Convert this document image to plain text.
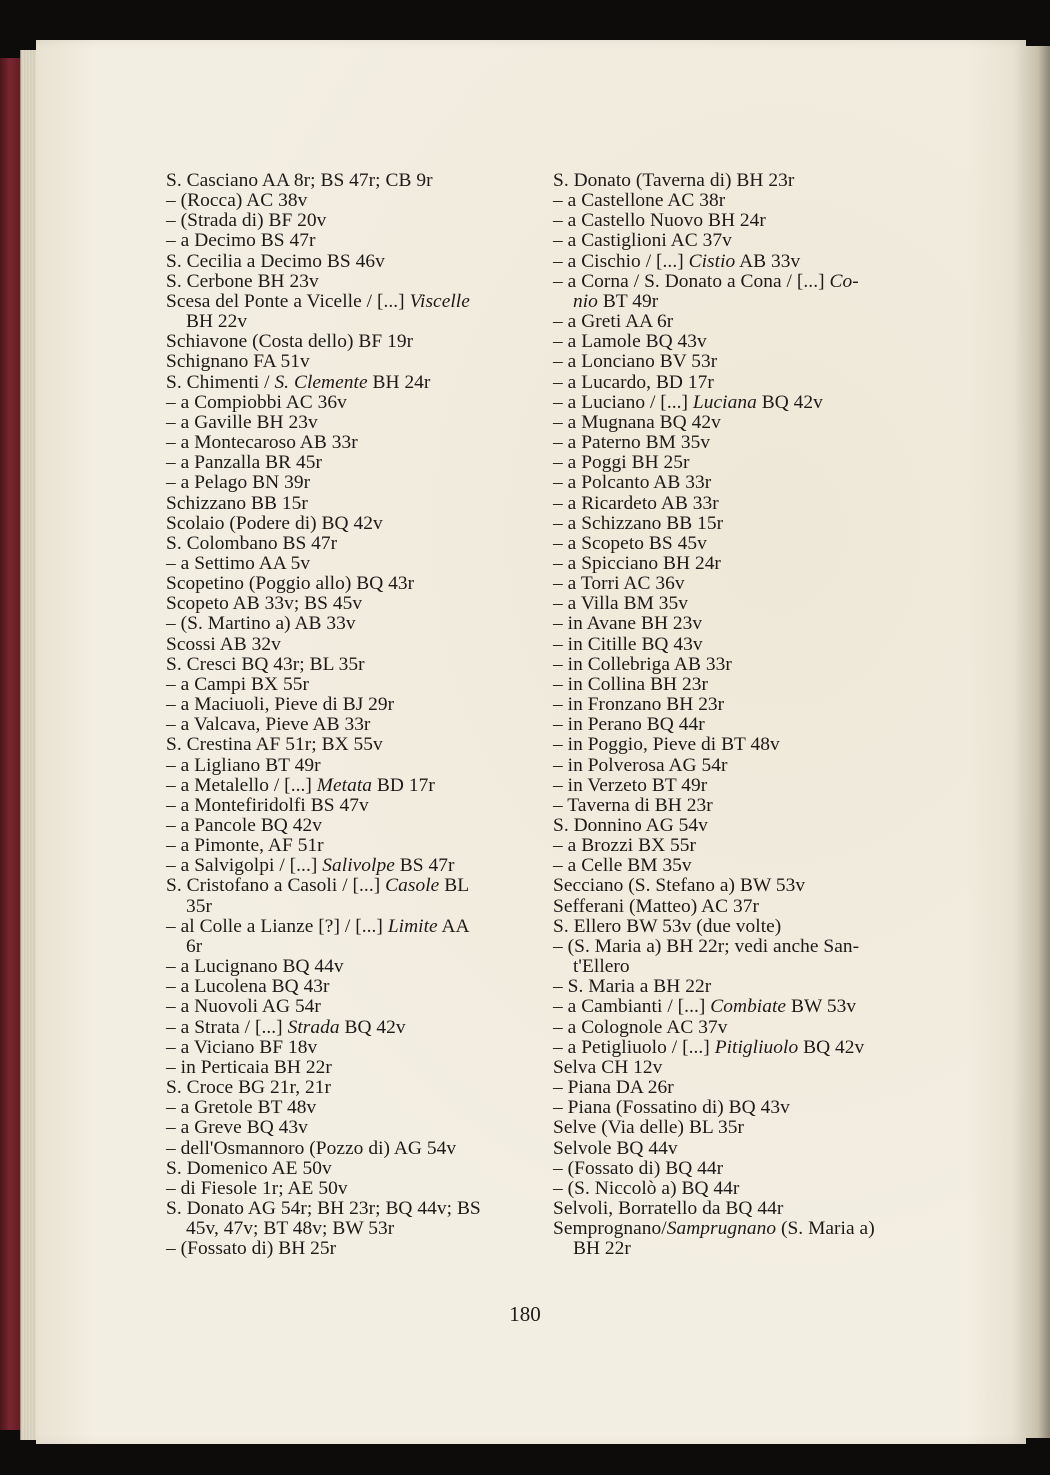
S. Casciano AA 8r; BS 47r; CB 9r
– (Rocca) AC 38v
– (Strada di) BF 20v
– a Decimo BS 47r
S. Cecilia a Decimo BS 46v
S. Cerbone BH 23v
Scesa del Ponte a Vicelle / [...] Viscelle
BH 22v
Schiavone (Costa dello) BF 19r
Schignano FA 51v
S. Chimenti / S. Clemente BH 24r
– a Compiobbi AC 36v
– a Gaville BH 23v
– a Montecaroso AB 33r
– a Panzalla BR 45r
– a Pelago BN 39r
Schizzano BB 15r
Scolaio (Podere di) BQ 42v
S. Colombano BS 47r
– a Settimo AA 5v
Scopetino (Poggio allo) BQ 43r
Scopeto AB 33v; BS 45v
– (S. Martino a) AB 33v
Scossi AB 32v
S. Cresci BQ 43r; BL 35r
– a Campi BX 55r
– a Maciuoli, Pieve di BJ 29r
– a Valcava, Pieve AB 33r
S. Crestina AF 51r; BX 55v
– a Ligliano BT 49r
– a Metalello / [...] Metata BD 17r
– a Montefiridolfi BS 47v
– a Pancole BQ 42v
– a Pimonte, AF 51r
– a Salvigolpi / [...] Salivolpe BS 47r
S. Cristofano a Casoli / [...] Casole BL
35r
– al Colle a Lianze [?] / [...] Limite AA
6r
– a Lucignano BQ 44v
– a Lucolena BQ 43r
– a Nuovoli AG 54r
– a Strata / [...] Strada BQ 42v
– a Viciano BF 18v
– in Perticaia BH 22r
S. Croce BG 21r, 21r
– a Gretole BT 48v
– a Greve BQ 43v
– dell'Osmannoro (Pozzo di) AG 54v
S. Domenico AE 50v
– di Fiesole 1r; AE 50v
S. Donato AG 54r; BH 23r; BQ 44v; BS
45v, 47v; BT 48v; BW 53r
– (Fossato di) BH 25r
S. Donato (Taverna di) BH 23r
– a Castellone AC 38r
– a Castello Nuovo BH 24r
– a Castiglioni AC 37v
– a Cischio / [...] Cistio AB 33v
– a Corna / S. Donato a Cona / [...] Co-
nio BT 49r
– a Greti AA 6r
– a Lamole BQ 43v
– a Lonciano BV 53r
– a Lucardo, BD 17r
– a Luciano / [...] Luciana BQ 42v
– a Mugnana BQ 42v
– a Paterno BM 35v
– a Poggi BH 25r
– a Polcanto AB 33r
– a Ricardeto AB 33r
– a Schizzano BB 15r
– a Scopeto BS 45v
– a Spicciano BH 24r
– a Torri AC 36v
– a Villa BM 35v
– in Avane BH 23v
– in Citille BQ 43v
– in Collebriga AB 33r
– in Collina BH 23r
– in Fronzano BH 23r
– in Perano BQ 44r
– in Poggio, Pieve di BT 48v
– in Polverosa AG 54r
– in Verzeto BT 49r
– Taverna di BH 23r
S. Donnino AG 54v
– a Brozzi BX 55r
– a Celle BM 35v
Secciano (S. Stefano a) BW 53v
Sefferani (Matteo) AC 37r
S. Ellero BW 53v (due volte)
– (S. Maria a) BH 22r; vedi anche San-
t'Ellero
– S. Maria a BH 22r
– a Cambianti / [...] Combiate BW 53v
– a Colognole AC 37v
– a Petigliuolo / [...] Pitigliuolo BQ 42v
Selva CH 12v
– Piana DA 26r
– Piana (Fossatino di) BQ 43v
Selve (Via delle) BL 35r
Selvole BQ 44v
– (Fossato di) BQ 44r
– (S. Niccolò a) BQ 44r
Selvoli, Borratello da BQ 44r
Semprognano/Samprugnano (S. Maria a)
BH 22r
180
